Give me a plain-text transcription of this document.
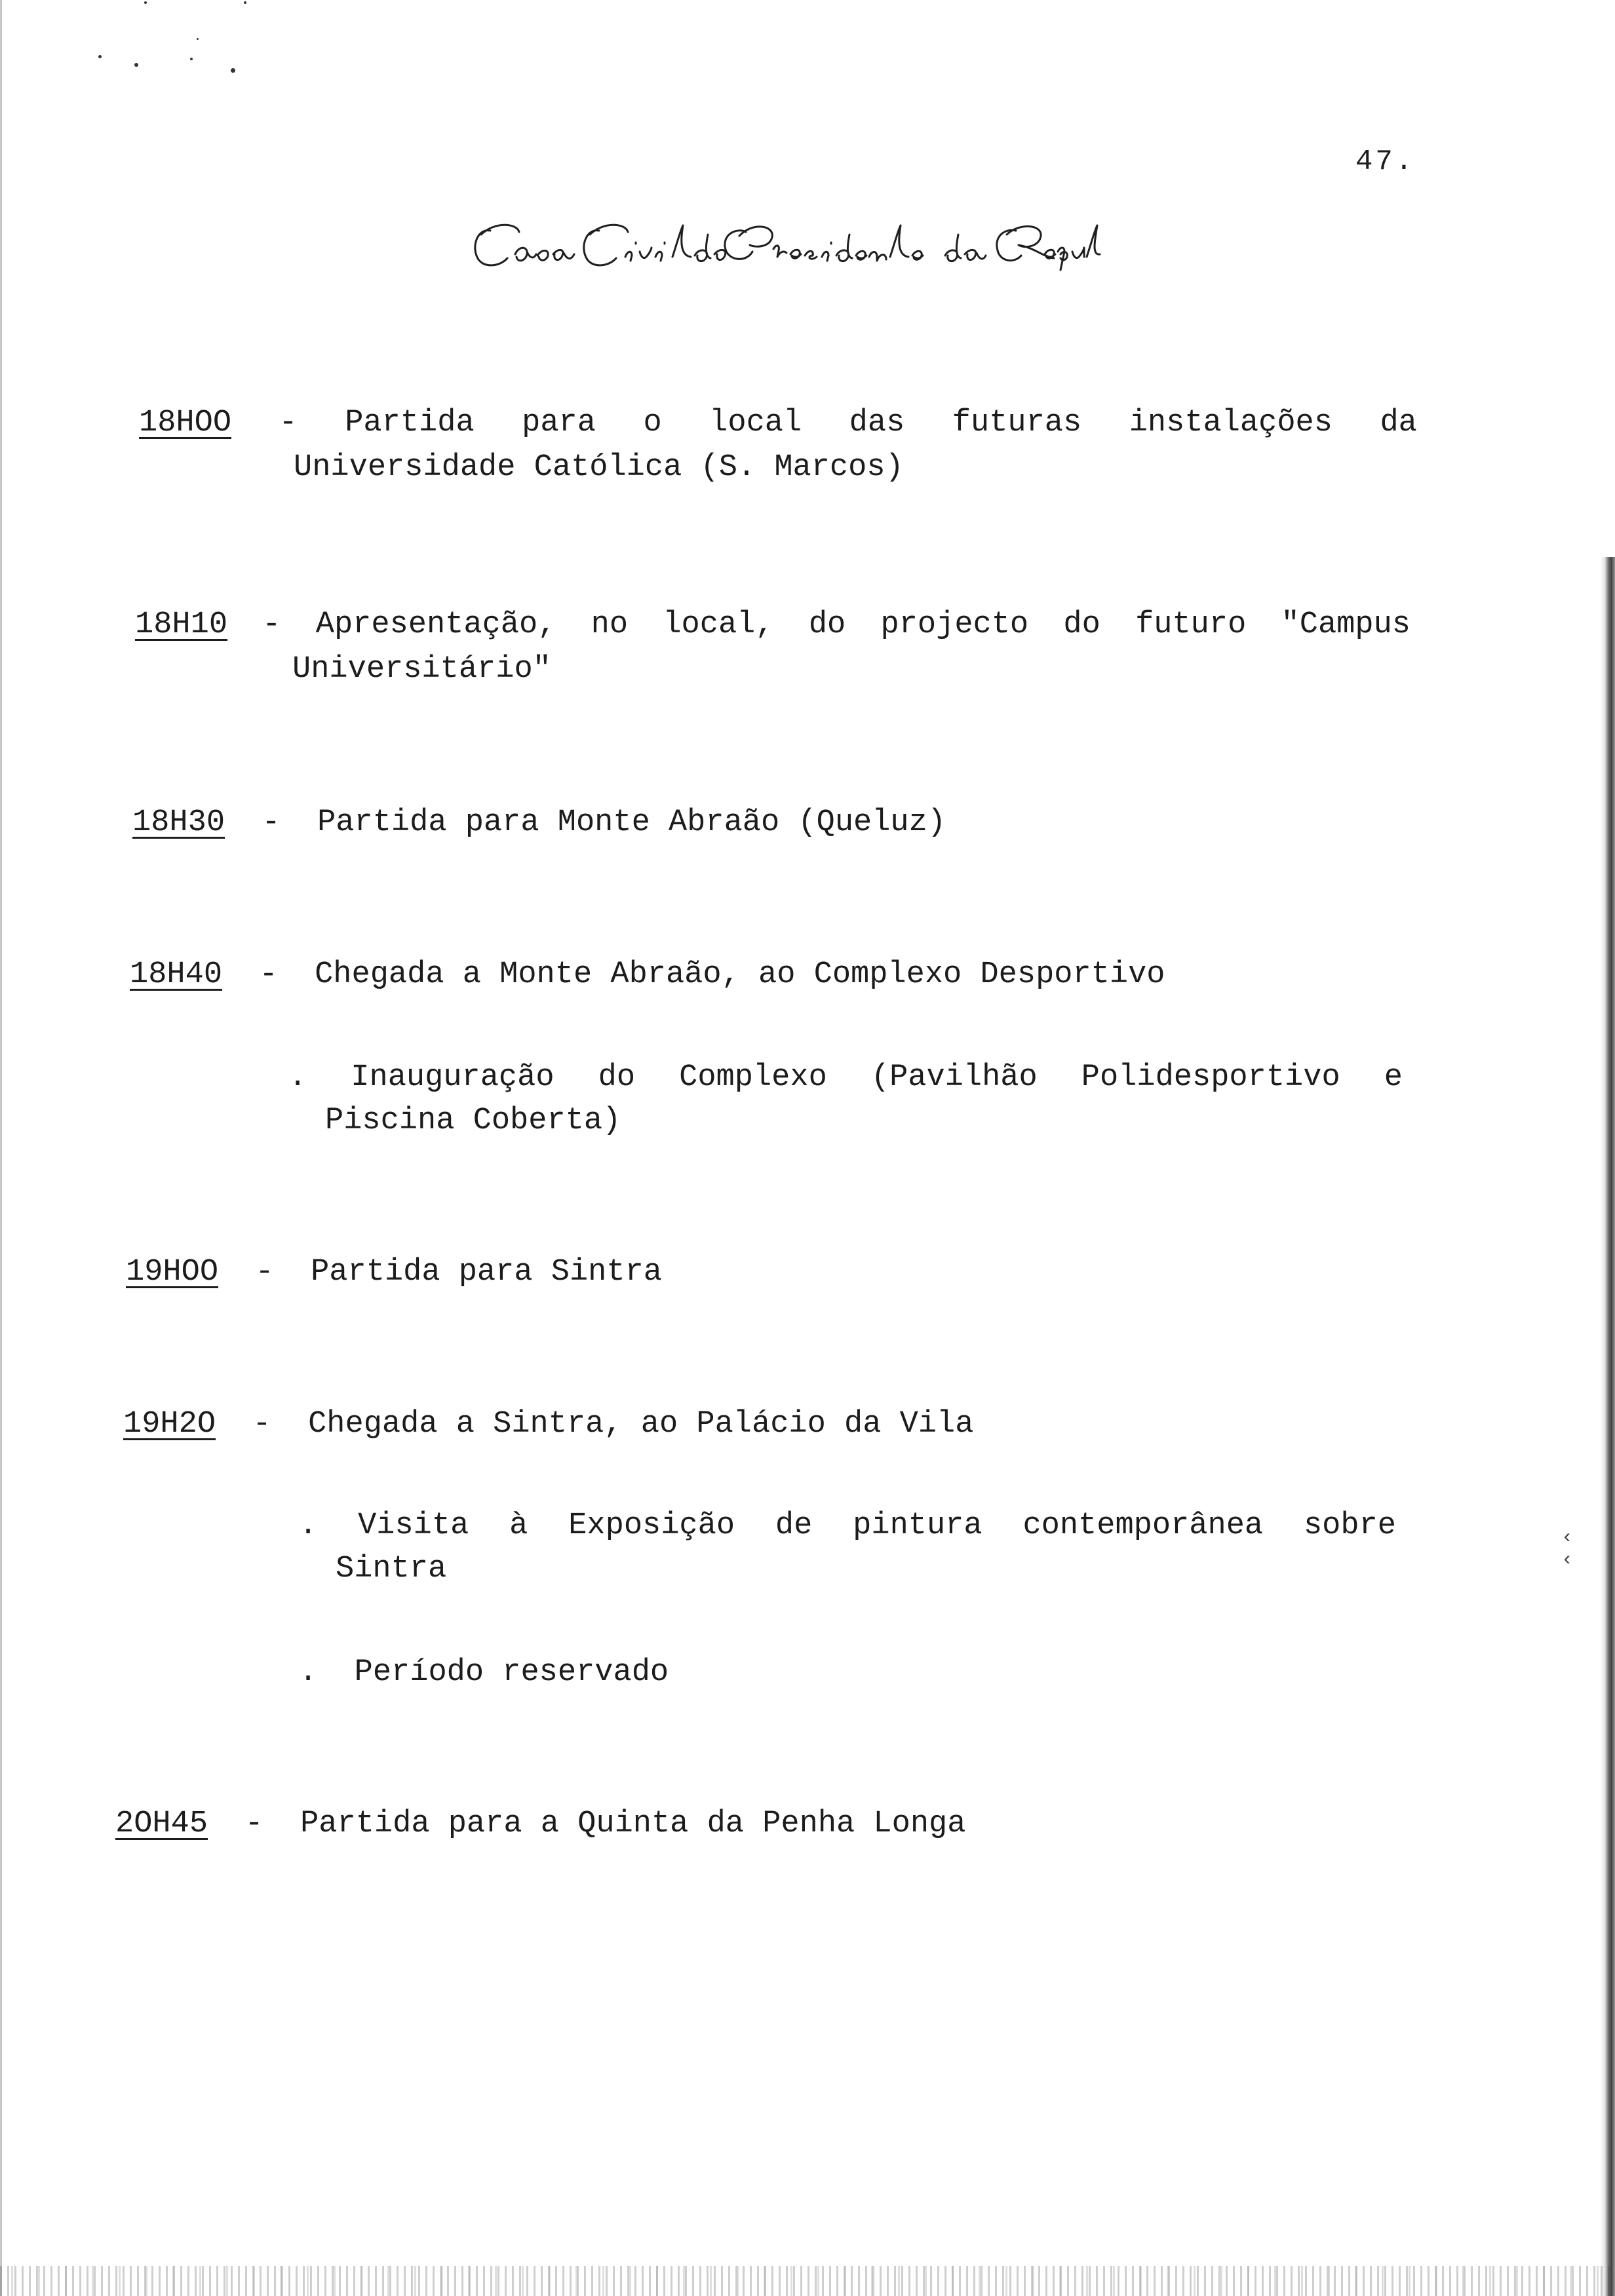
47.
18HOO - Partida para o local das futuras instalações da
Universidade Católica (S. Marcos)
18H10 - Apresentação, no local, do projecto do futuro "Campus
Universitário"
18H30  -  Partida para Monte Abraão (Queluz)
18H40  -  Chegada a Monte Abraão, ao Complexo Desportivo
. Inauguração do Complexo (Pavilhão Polidesportivo e
Piscina Coberta)
19HOO  -  Partida para Sintra
19H2O  -  Chegada a Sintra, ao Palácio da Vila
. Visita à Exposição de pintura contemporânea sobre
Sintra
.  Período reservado
2OH45  -  Partida para a Quinta da Penha Longa
‹
‹
